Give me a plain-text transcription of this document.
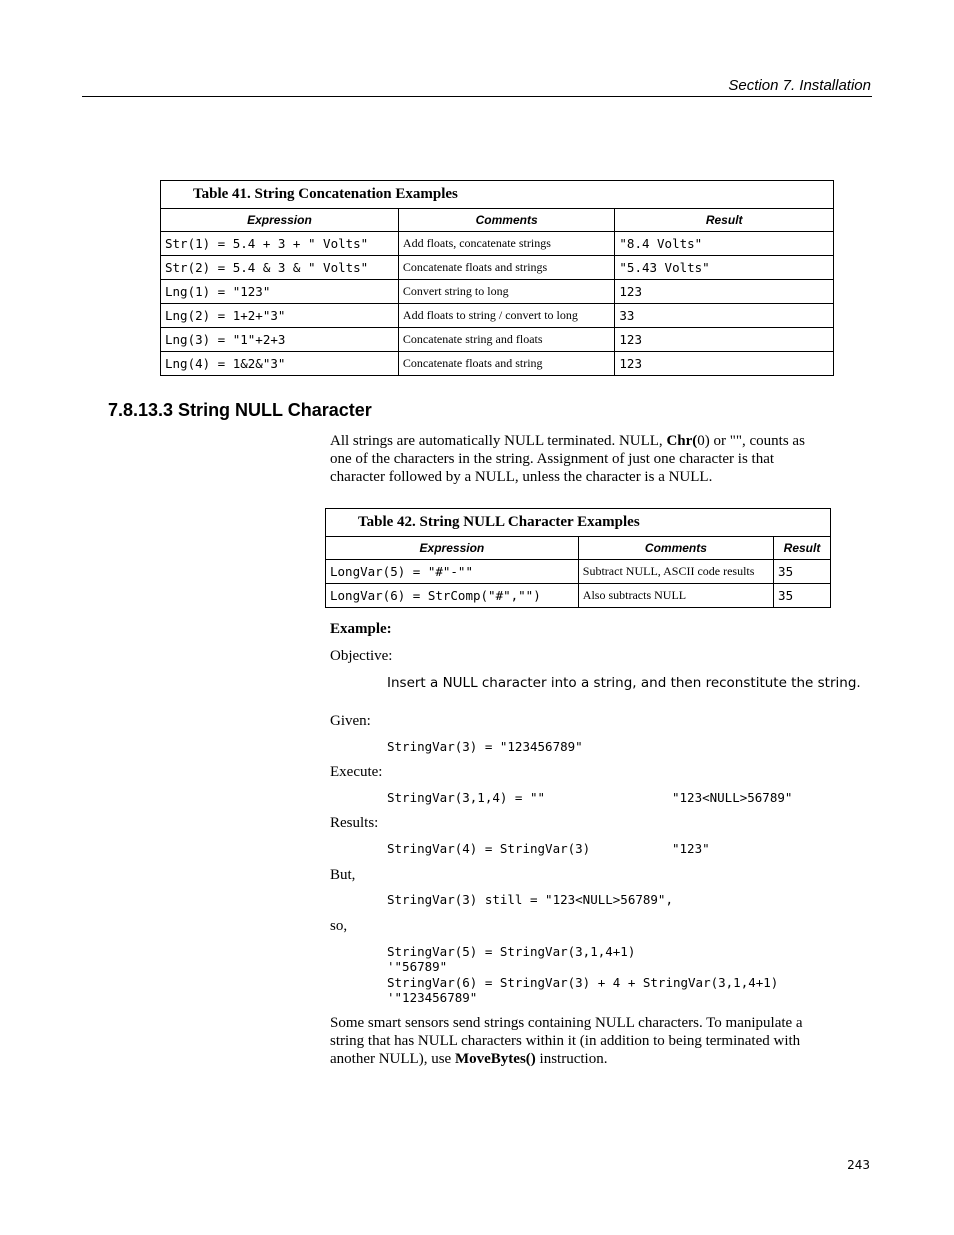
Section 7. Installation
Table 41. String Concatenation Examples		
Expression	Comments	Result
Str(1) = 5.4 + 3 + " Volts"	Add floats, concatenate strings	"8.4 Volts"
Str(2) = 5.4 & 3 & " Volts"	Concatenate floats and strings	"5.43 Volts"
Lng(1) = "123"	Convert string to long	123
Lng(2) = 1+2+"3"	Add floats to string / convert to long	33
Lng(3) = "1"+2+3	Concatenate string and floats	123
Lng(4) = 1&2&"3"	Concatenate floats and string	123
7.8.13.3 String NULL Character
All strings are automatically NULL terminated. NULL, Chr(0) or "", counts as one of the characters in the string. Assignment of just one character is that character followed by a NULL, unless the character is a NULL.
Table 42. String NULL Character Examples		
Expression	Comments	Result
LongVar(5) = "#"-""	Subtract NULL, ASCII code results	35
LongVar(6) = StrComp("#","")	Also subtracts NULL	35
Example:
Objective:
Insert a NULL character into a string, and then reconstitute the string.
Given:
StringVar(3) = "123456789"
Execute:
StringVar(3,1,4) = ""	"123<NULL>56789"
Results:
StringVar(4) = StringVar(3)	"123"
But,
StringVar(3) still = "123<NULL>56789",
so,
StringVar(5) = StringVar(3,1,4+1)
'"56789"
StringVar(6) = StringVar(3) + 4 + StringVar(3,1,4+1)
'"123456789"
Some smart sensors send strings containing NULL characters. To manipulate a string that has NULL characters within it (in addition to being terminated with another NULL), use MoveBytes() instruction.
243
